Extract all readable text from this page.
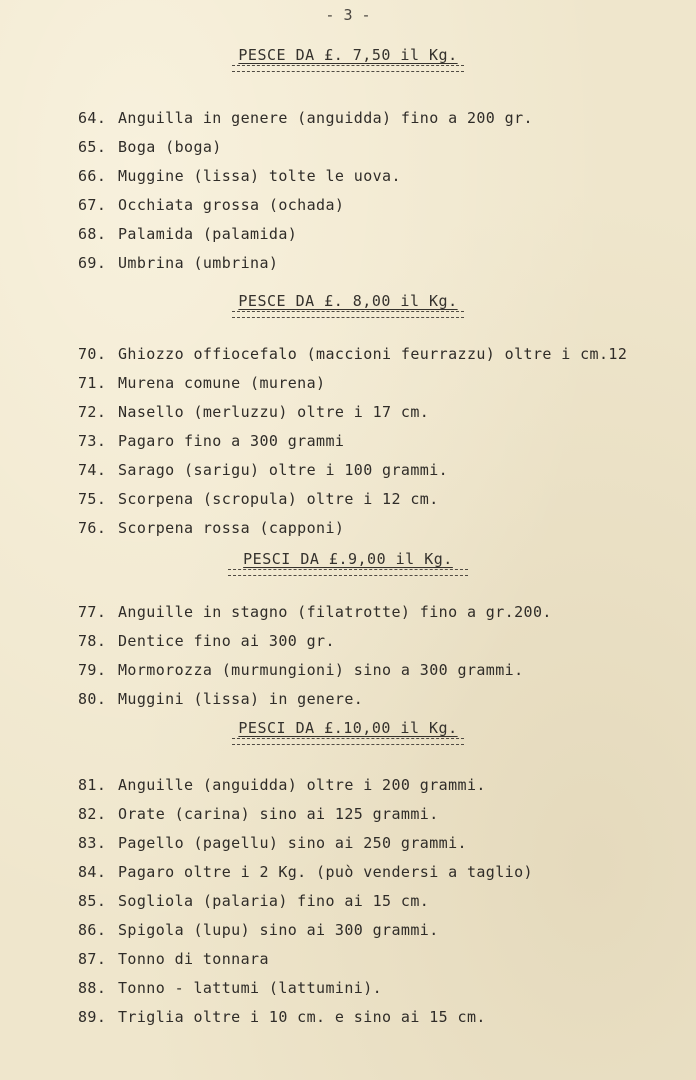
- 3 -
PESCE DA £. 7,50 il Kg.
64. Anguilla in genere (anguidda) fino a 200 gr.
65. Boga (boga)
66. Muggine (lissa) tolte le uova.
67. Occhiata grossa (ochada)
68. Palamida (palamida)
69. Umbrina (umbrina)
PESCE DA £. 8,00 il Kg.
70. Ghiozzo offiocefalo (maccioni feurrazzu) oltre i cm.12
71. Murena comune (murena)
72. Nasello (merluzzu) oltre i 17 cm.
73. Pagaro fino a 300 grammi
74. Sarago (sarigu) oltre i 100 grammi.
75. Scorpena (scropula) oltre i 12 cm.
76. Scorpena rossa (capponi)
PESCI DA £.9,00 il Kg.
77. Anguille in stagno (filatrotte) fino a gr.200.
78. Dentice fino ai 300 gr.
79. Mormorozza (murmungioni) sino a 300 grammi.
80. Muggini (lissa) in genere.
PESCI DA £.10,00 il Kg.
81. Anguille (anguidda) oltre i 200 grammi.
82. Orate (carina) sino ai 125 grammi.
83. Pagello (pagellu) sino ai 250 grammi.
84. Pagaro oltre i 2 Kg. (può vendersi a taglio)
85. Sogliola (palaria) fino ai 15 cm.
86. Spigola (lupu) sino ai 300 grammi.
87. Tonno di tonnara
88. Tonno - lattumi (lattumini).
89. Triglia oltre i 10 cm. e sino ai 15 cm.
